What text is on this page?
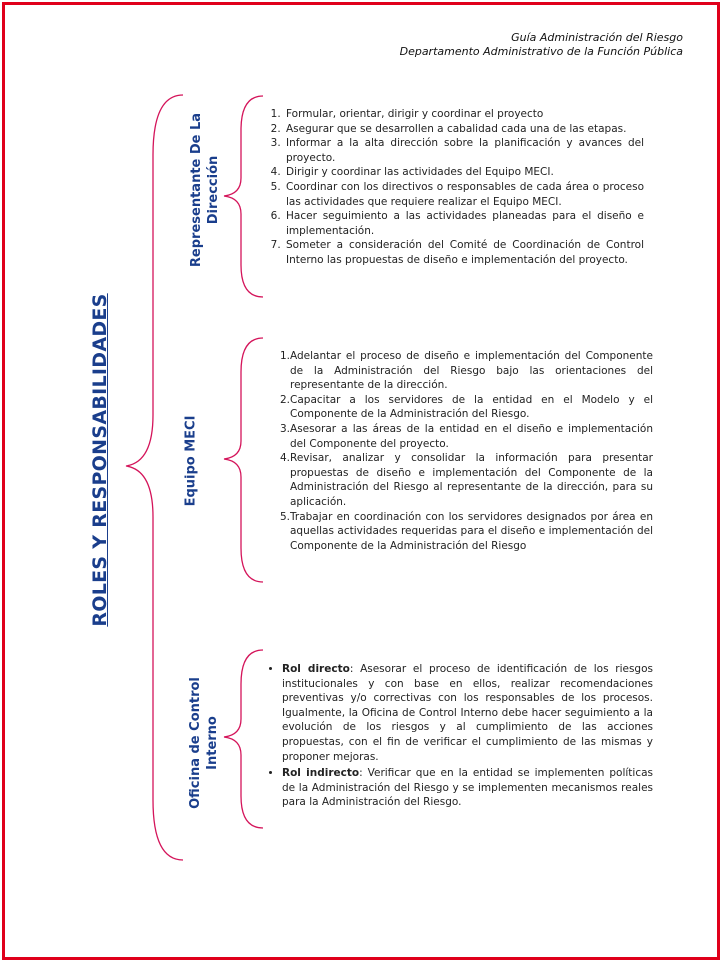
Guía Administración del Riesgo
Departamento Administrativo de la Función Pública
ROLES Y RESPONSABILIDADES
Representante De La Dirección
Equipo MECI
Oficina de Control Interno
1. Formular, orientar, dirigir y coordinar el proyecto
2. Asegurar que se desarrollen a cabalidad cada una de las etapas.
3. Informar a la alta dirección sobre la planificación y avances del proyecto.
4. Dirigir y coordinar las actividades del Equipo MECI.
5. Coordinar con los directivos o responsables de cada área o proceso las actividades que requiere realizar el Equipo MECI.
6. Hacer seguimiento a las actividades planeadas para el diseño e implementación.
7. Someter a consideración del Comité de Coordinación de Control Interno las propuestas de diseño e implementación del proyecto.

1.Adelantar el proceso de diseño e implementación del Componente de la Administración del Riesgo bajo las orientaciones del representante de la dirección.

2.Capacitar a los servidores de la entidad en el Modelo y el Componente de la Administración del Riesgo.

3.Asesorar a las áreas de la entidad en el diseño e implementación del Componente del proyecto.

4.Revisar, analizar y consolidar la información para presentar propuestas de diseño e implementación del Componente de la Administración del Riesgo al representante de la dirección, para su aplicación.

5.Trabajar en coordinación con los servidores designados por área en aquellas actividades requeridas para el diseño e implementación del Componente de la Administración del Riesgo

• Rol directo: Asesorar el proceso de identificación de los riesgos institucionales y con base en ellos, realizar recomendaciones preventivas y/o correctivas con los responsables de los procesos. Igualmente, la Oficina de Control Interno debe hacer seguimiento a la evolución de los riesgos y al cumplimiento de las acciones propuestas, con el fin de verificar el cumplimiento de las mismas y proponer mejoras.
• Rol indirecto: Verificar que en la entidad se implementen políticas de la Administración del Riesgo y se implementen mecanismos reales para la Administración del Riesgo.
